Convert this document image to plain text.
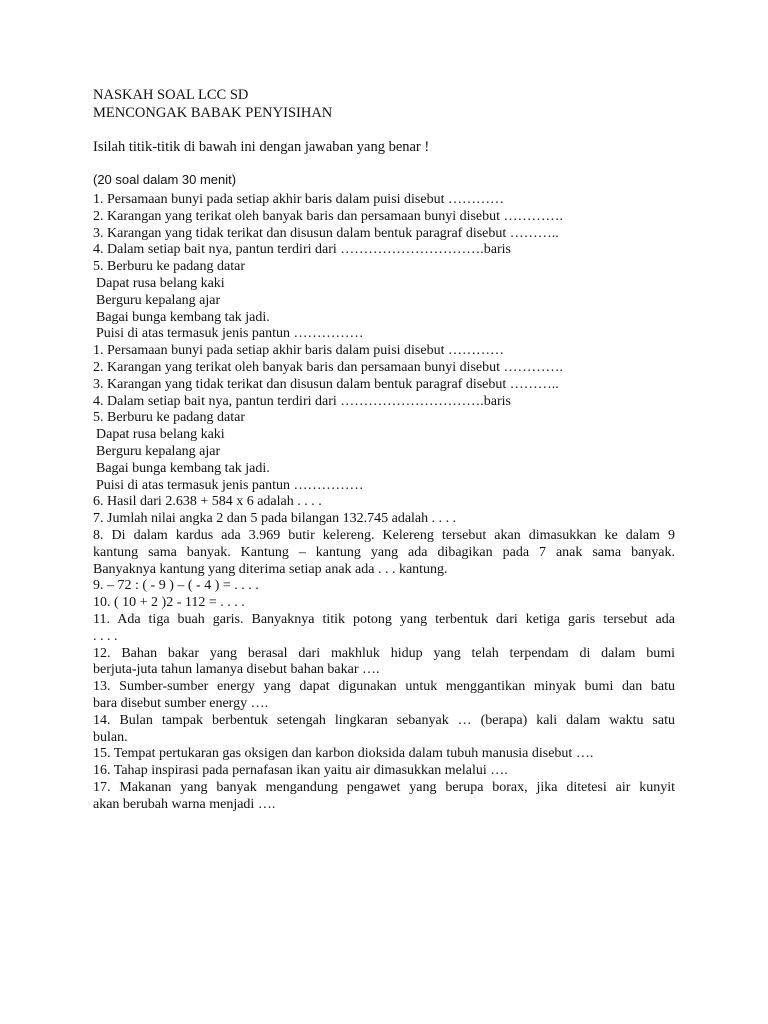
NASKAH SOAL LCC SD
MENCONGAK BABAK PENYISIHAN
Isilah titik-titik di bawah ini dengan jawaban yang benar !
(20 soal dalam 30 menit)
1. Persamaan bunyi pada setiap akhir baris dalam puisi disebut …………
2. Karangan yang terikat oleh banyak baris dan persamaan bunyi disebut ………….
3. Karangan yang tidak terikat dan disusun dalam bentuk paragraf disebut ………..
4. Dalam setiap bait nya, pantun terdiri dari ………………………….baris
5. Berburu ke padang datar
Dapat rusa belang kaki
Berguru kepalang ajar
Bagai bunga kembang tak jadi.
Puisi di atas termasuk jenis pantun ……………
1. Persamaan bunyi pada setiap akhir baris dalam puisi disebut …………
2. Karangan yang terikat oleh banyak baris dan persamaan bunyi disebut ………….
3. Karangan yang tidak terikat dan disusun dalam bentuk paragraf disebut ………..
4. Dalam setiap bait nya, pantun terdiri dari ………………………….baris
5. Berburu ke padang datar
Dapat rusa belang kaki
Berguru kepalang ajar
Bagai bunga kembang tak jadi.
Puisi di atas termasuk jenis pantun ……………
6. Hasil dari 2.638 + 584 x 6 adalah . . . .
7. Jumlah nilai angka 2 dan 5 pada bilangan 132.745 adalah . . . .
8. Di dalam kardus ada 3.969 butir kelereng. Kelereng tersebut akan dimasukkan ke dalam 9
kantung sama banyak. Kantung – kantung yang ada dibagikan pada 7 anak sama banyak.
Banyaknya kantung yang diterima setiap anak ada . . . kantung.
9. – 72 : ( - 9 ) – ( - 4 ) = . . . .
10. ( 10 + 2 )2 - 112 = . . . .
11. Ada tiga buah garis. Banyaknya titik potong yang terbentuk dari ketiga garis tersebut ada
. . . .
12. Bahan bakar yang berasal dari makhluk hidup yang telah terpendam di dalam bumi
berjuta-juta tahun lamanya disebut bahan bakar ….
13. Sumber-sumber energy yang dapat digunakan untuk menggantikan minyak bumi dan batu
bara disebut sumber energy ….
14. Bulan tampak berbentuk setengah lingkaran sebanyak … (berapa) kali dalam waktu satu
bulan.
15. Tempat pertukaran gas oksigen dan karbon dioksida dalam tubuh manusia disebut ….
16. Tahap inspirasi pada pernafasan ikan yaitu air dimasukkan melalui ….
17. Makanan yang banyak mengandung pengawet yang berupa borax, jika ditetesi air kunyit
akan berubah warna menjadi ….
